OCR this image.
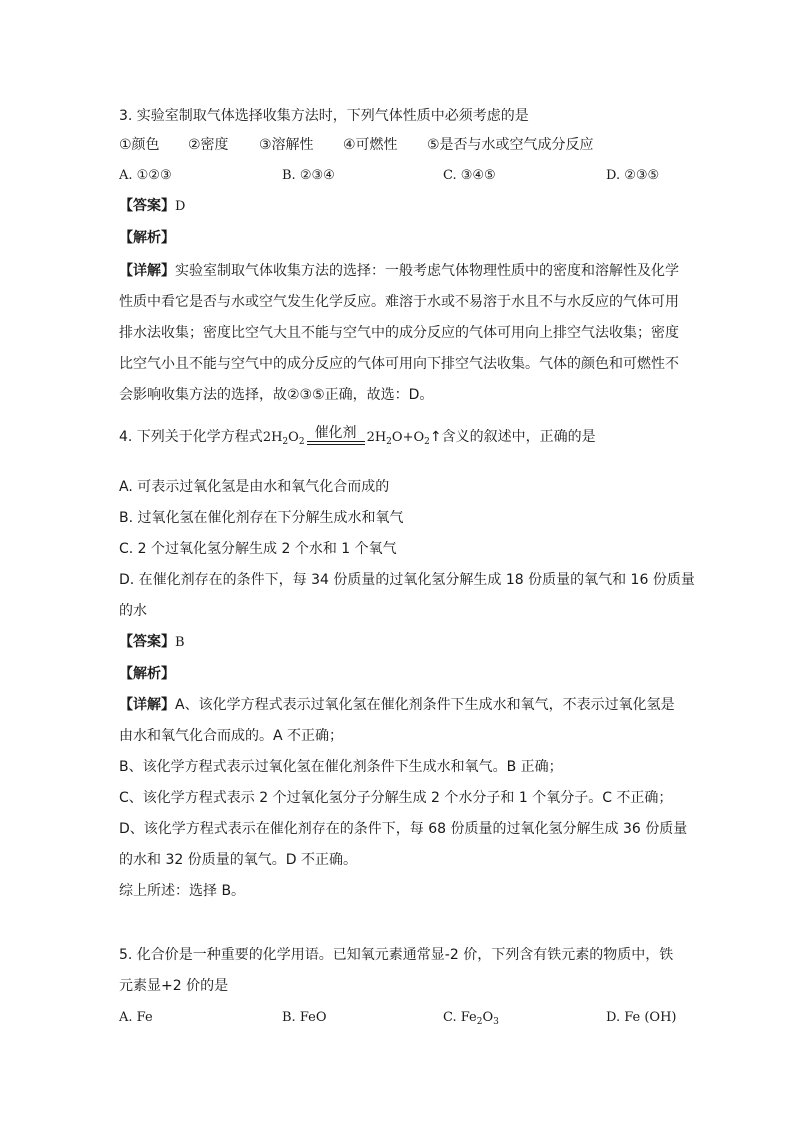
3. 实验室制取气体选择收集方法时，下列气体性质中必须考虑的是
①颜色 ②密度 ③溶解性 ④可燃性 ⑤是否与水或空气成分反应
A. ①②③	B. ②③④	C. ③④⑤	D. ②③⑤
【答案】D
【解析】
【详解】实验室制取气体收集方法的选择：一般考虑气体物理性质中的密度和溶解性及化学
性质中看它是否与水或空气发生化学反应。难溶于水或不易溶于水且不与水反应的气体可用
排水法收集；密度比空气大且不能与空气中的成分反应的气体可用向上排空气法收集；密度
比空气小且不能与空气中的成分反应的气体可用向下排空气法收集。气体的颜色和可燃性不
会影响收集方法的选择，故②③⑤正确，故选：D。
4. 下列关于化学方程式$2H_2O_2$
催化剂 $2H_2O+O_2↑$含义的叙述中，正确的是
A. 可表示过氧化氢是由水和氧气化合而成的
B. 过氧化氢在催化剂存在下分解生成水和氧气
C. 2 个过氧化氢分解生成 2 个水和 1 个氧气
D. 在催化剂存在的条件下，每 34 份质量的过氧化氢分解生成 18 份质量的氧气和 16 份质量
的水
【答案】B
【解析】
【详解】A、该化学方程式表示过氧化氢在催化剂条件下生成水和氧气，不表示过氧化氢是
由水和氧气化合而成的。A 不正确；
B、该化学方程式表示过氧化氢在催化剂条件下生成水和氧气。B 正确；
C、该化学方程式表示 2 个过氧化氢分子分解生成 2 个水分子和 1 个氧分子。C 不正确；
D、该化学方程式表示在催化剂存在的条件下，每 68 份质量的过氧化氢分解生成 36 份质量
的水和 32 份质量的氧气。D 不正确。
综上所述：选择 B。
5. 化合价是一种重要的化学用语。已知氧元素通常显-2 价，下列含有铁元素的物质中，铁
元素显+2 价的是
A. Fe	B. FeO	C. $Fe_2O_3$	D. Fe (OH)
